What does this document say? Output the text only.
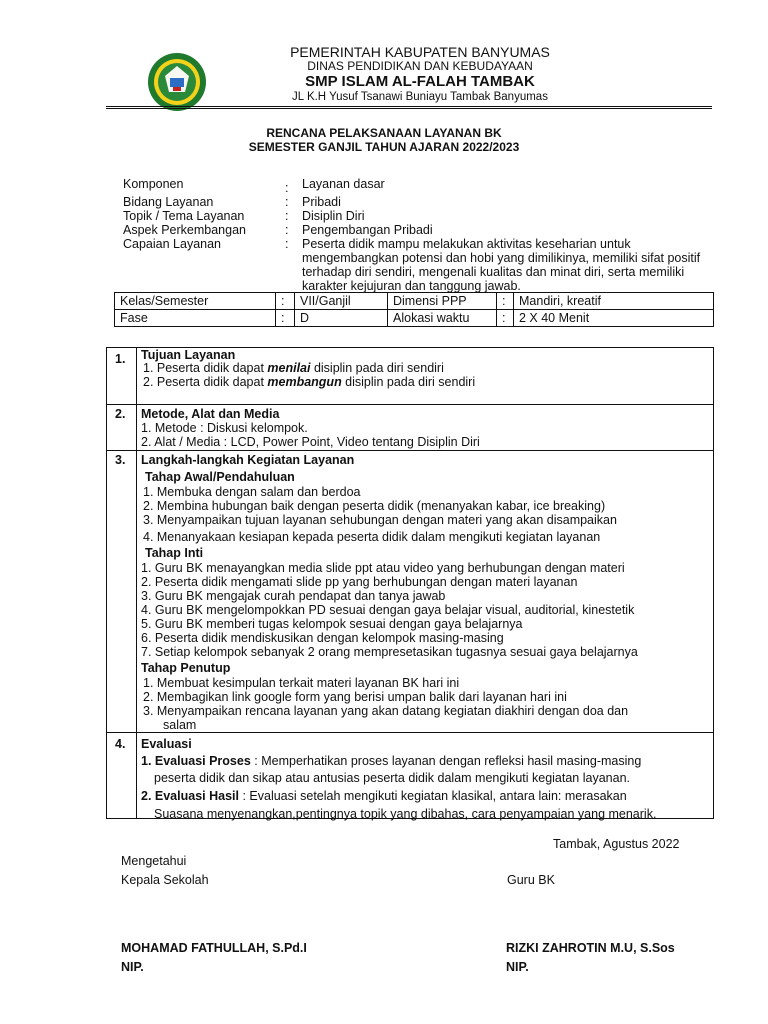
PEMERINTAH KABUPATEN BANYUMAS
DINAS PENDIDIKAN DAN KEBUDAYAAN
SMP ISLAM AL-FALAH TAMBAK
JL K.H Yusuf Tsanawi Buniayu Tambak Banyumas
RENCANA PELAKSANAAN LAYANAN BK
SEMESTER GANJIL TAHUN AJARAN 2022/2023
Komponen	: Layanan dasar
Bidang Layanan	: Pribadi
Topik / Tema Layanan	: Disiplin Diri
Aspek Perkembangan	: Pengembangan Pribadi
Capaian Layanan	: Peserta didik mampu melakukan aktivitas keseharian untuk mengembangkan potensi dan hobi yang dimilikinya, memiliki sifat positif terhadap diri sendiri, mengenali kualitas dan minat diri, serta memiliki karakter kejujuran dan tanggung jawab.
Kelas/Semester	:	VII/Ganjil	Dimensi PPP	:	Mandiri, kreatif
Fase	:	D	Alokasi waktu	:	2 X 40 Menit
1. Tujuan Layanan
1. Peserta didik dapat menilai disiplin pada diri sendiri
2. Peserta didik dapat membangun disiplin pada diri sendiri
2. Metode, Alat dan Media
1. Metode : Diskusi kelompok.
2. Alat / Media : LCD, Power Point, Video tentang Disiplin Diri
3. Langkah-langkah Kegiatan Layanan
Tahap Awal/Pendahuluan
1. Membuka dengan salam dan berdoa
2. Membina hubungan baik dengan peserta didik (menanyakan kabar, ice breaking)
3. Menyampaikan tujuan layanan sehubungan dengan materi yang akan disampaikan
4. Menanyakaan kesiapan kepada peserta didik dalam mengikuti kegiatan layanan
Tahap Inti
1. Guru BK menayangkan media slide ppt atau video yang berhubungan dengan materi
2. Peserta didik mengamati slide pp yang berhubungan dengan materi layanan
3. Guru BK mengajak curah pendapat dan tanya jawab
4. Guru BK mengelompokkan PD sesuai dengan gaya belajar visual, auditorial, kinestetik
5. Guru BK memberi tugas kelompok sesuai dengan gaya belajarnya
6. Peserta didik mendiskusikan dengan kelompok masing-masing
7. Setiap kelompok sebanyak 2 orang mempresetasikan tugasnya sesuai gaya belajarnya
Tahap Penutup
1. Membuat kesimpulan terkait materi layanan BK hari ini
2. Membagikan link google form yang berisi umpan balik dari layanan hari ini
3. Menyampaikan rencana layanan yang akan datang kegiatan diakhiri dengan doa dan
salam
4. Evaluasi
1. Evaluasi Proses : Memperhatikan proses layanan dengan refleksi hasil masing-masing
peserta didik dan sikap atau antusias peserta didik dalam mengikuti kegiatan layanan.
2. Evaluasi Hasil : Evaluasi setelah mengikuti kegiatan klasikal, antara lain: merasakan
Suasana menyenangkan,pentingnya topik yang dibahas, cara penyampaian yang menarik.
Tambak, Agustus 2022
Mengetahui
Kepala Sekolah	Guru BK
MOHAMAD FATHULLAH, S.Pd.I	RIZKI ZAHROTIN M.U, S.Sos
NIP.	NIP.
